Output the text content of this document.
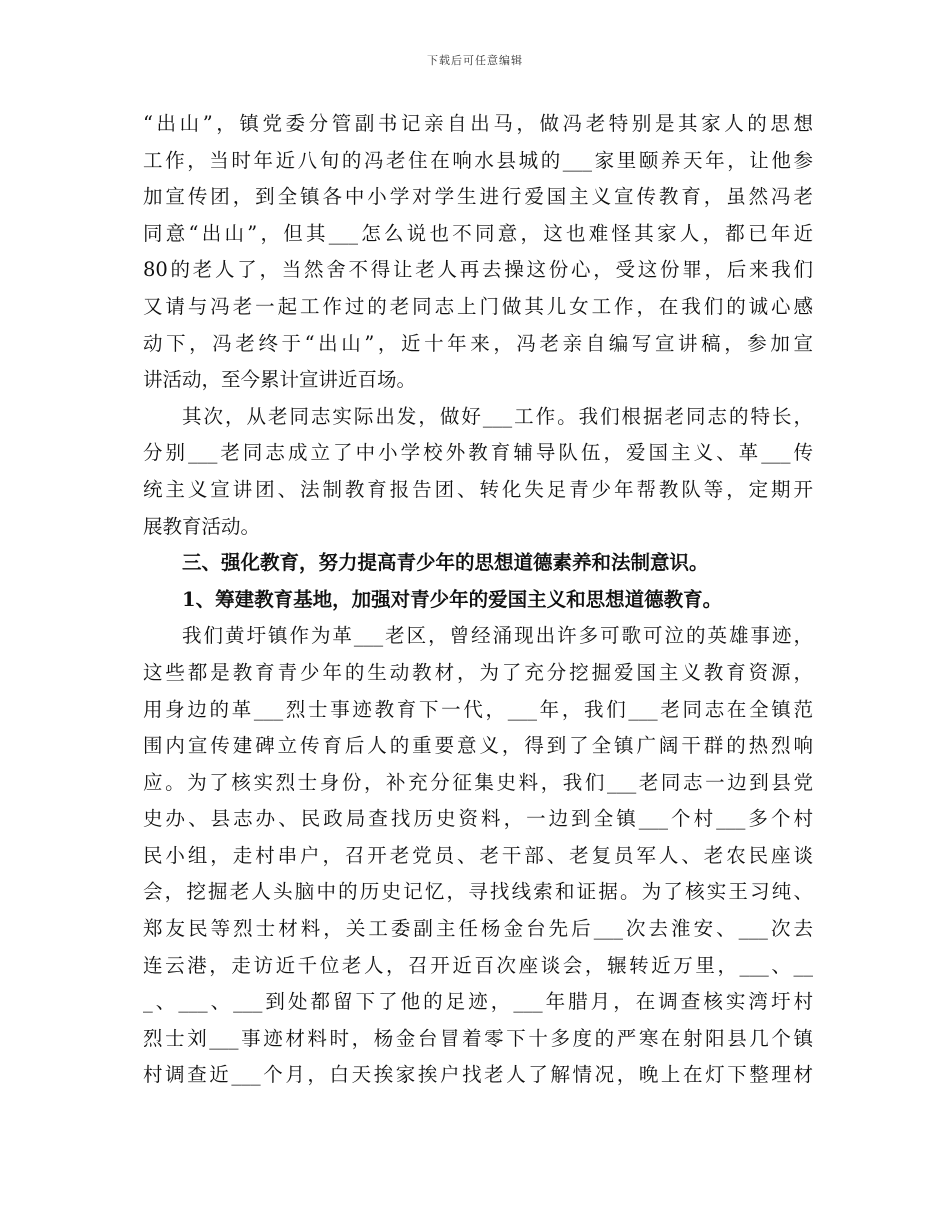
下载后可任意编辑
“出山”，镇党委分管副书记亲自出马，做冯老特别是其家人的思想
工作，当时年近八旬的冯老住在响水县城的___家里颐养天年，让他参
加宣传团，到全镇各中小学对学生进行爱国主义宣传教育，虽然冯老
同意“出山”，但其___怎么说也不同意，这也难怪其家人，都已年近
80的老人了，当然舍不得让老人再去操这份心，受这份罪，后来我们
又请与冯老一起工作过的老同志上门做其儿女工作，在我们的诚心感
动下，冯老终于“出山”，近十年来，冯老亲自编写宣讲稿，参加宣
讲活动，至今累计宣讲近百场。
其次，从老同志实际出发，做好___工作。我们根据老同志的特长，
分别___老同志成立了中小学校外教育辅导队伍，爱国主义、革___传
统主义宣讲团、法制教育报告团、转化失足青少年帮教队等，定期开
展教育活动。
三、强化教育，努力提高青少年的思想道德素养和法制意识。
1、筹建教育基地，加强对青少年的爱国主义和思想道德教育。
我们黄圩镇作为革___老区，曾经涌现出许多可歌可泣的英雄事迹，
这些都是教育青少年的生动教材，为了充分挖掘爱国主义教育资源，
用身边的革___烈士事迹教育下一代，___年，我们___老同志在全镇范
围内宣传建碑立传育后人的重要意义，得到了全镇广阔干群的热烈响
应。为了核实烈士身份，补充分征集史料，我们___老同志一边到县党
史办、县志办、民政局查找历史资料，一边到全镇___个村___多个村
民小组，走村串户，召开老党员、老干部、老复员军人、老农民座谈
会，挖掘老人头脑中的历史记忆，寻找线索和证据。为了核实王习纯、
郑友民等烈士材料，关工委副主任杨金台先后___次去淮安、___次去
连云港，走访近千位老人，召开近百次座谈会，辗转近万里，___、__
_、___、___到处都留下了他的足迹，___年腊月，在调查核实湾圩村
烈士刘___事迹材料时，杨金台冒着零下十多度的严寒在射阳县几个镇
村调查近___个月，白天挨家挨户找老人了解情况，晚上在灯下整理材
